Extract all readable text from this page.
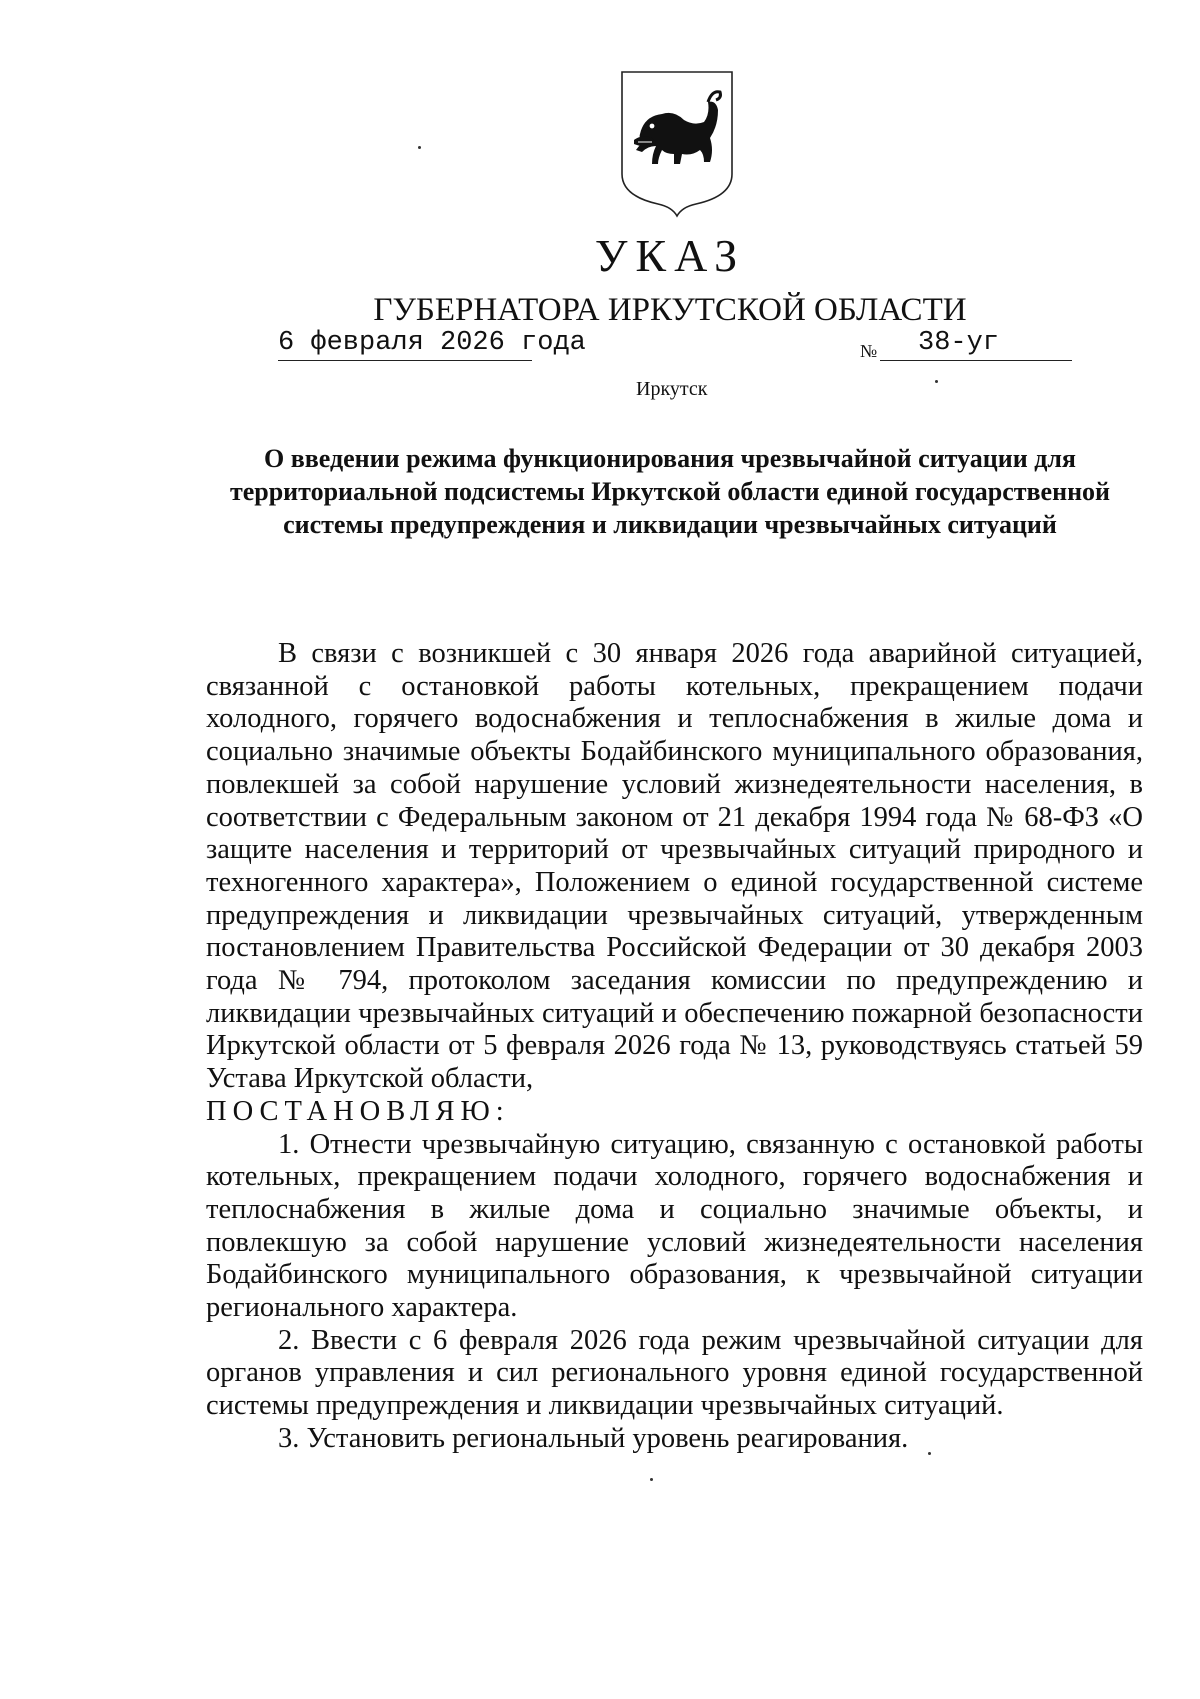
УКАЗ
ГУБЕРНАТОРА ИРКУТСКОЙ ОБЛАСТИ
6 февраля 2026 года	№	38-уг
Иркутск
О введении режима функционирования чрезвычайной ситуации для территориальной подсистемы Иркутской области единой государственной системы предупреждения и ликвидации чрезвычайных ситуаций

В связи с возникшей с 30 января 2026 года аварийной ситуацией, связанной с остановкой работы котельных, прекращением подачи холодного, горячего водоснабжения и теплоснабжения в жилые дома и социально значимые объекты Бодайбинского муниципального образования, повлекшей за собой нарушение условий жизнедеятельности населения, в соответствии с Федеральным законом от 21 декабря 1994 года № 68-ФЗ «О защите населения и территорий от чрезвычайных ситуаций природного и техногенного характера», Положением о единой государственной системе предупреждения и ликвидации чрезвычайных ситуаций, утвержденным постановлением Правительства Российской Федерации от 30 декабря 2003 года № 794, протоколом заседания комиссии по предупреждению и ликвидации чрезвычайных ситуаций и обеспечению пожарной безопасности Иркутской области от 5 февраля 2026 года № 13, руководствуясь статьей 59 Устава Иркутской области,

ПОСТАНОВЛЯЮ:

1. Отнести чрезвычайную ситуацию, связанную с остановкой работы котельных, прекращением подачи холодного, горячего водоснабжения и теплоснабжения в жилые дома и социально значимые объекты, и повлекшую за собой нарушение условий жизнедеятельности населения Бодайбинского муниципального образования, к чрезвычайной ситуации регионального характера.

2. Ввести с 6 февраля 2026 года режим чрезвычайной ситуации для органов управления и сил регионального уровня единой государственной системы предупреждения и ликвидации чрезвычайных ситуаций.

3. Установить региональный уровень реагирования.
